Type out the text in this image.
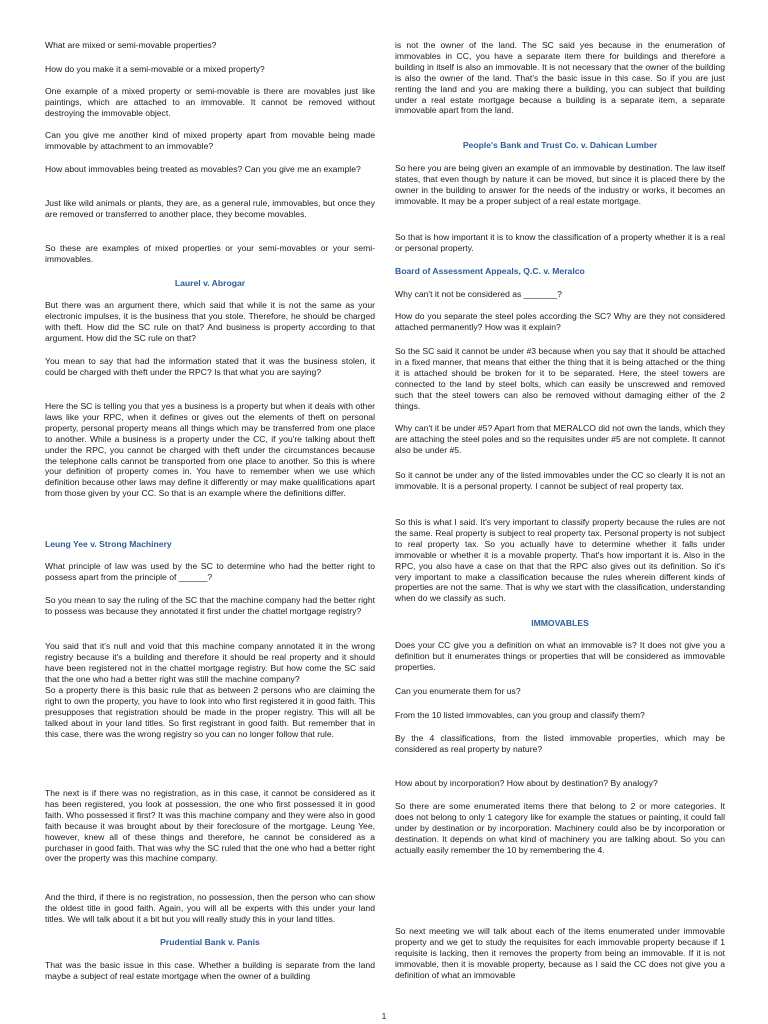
What are mixed or semi-movable properties?

How do you make it a semi-movable or a mixed property?

One example of a mixed property or semi-movable is there are movables just like paintings, which are attached to an immovable. It cannot be removed without destroying the immovable object.

Can you give me another kind of mixed property apart from movable being made immovable by attachment to an immovable?

How about immovables being treated as movables? Can you give me an example?

Just like wild animals or plants, they are, as a general rule, immovables, but once they are removed or transferred to another place, they become movables.

So these are examples of mixed properties or your semi-movables or your semi-immovables.

Laurel v. Abrogar

But there was an argument there, which said that while it is not the same as your electronic impulses, it is the business that you stole. Therefore, he should be charged with theft. How did the SC rule on that? And business is property according to that argument. How did the SC rule on that?

You mean to say that had the information stated that it was the business stolen, it could be charged with theft under the RPC? Is that what you are saying?

Here the SC is telling you that yes a business is a property but when it deals with other laws like your RPC, when it defines or gives out the elements of theft on personal property, personal property means all things which may be transferred from one place to another. While a business is a property under the CC, if you're talking about theft under the RPC, you cannot be charged with theft under the circumstances because the telephone calls cannot be transported from one place to another. So this is where your definition of property comes in. You have to remember when we use which definition because other laws may define it differently or may make qualifications apart from those given by your CC. So that is an example where the definitions differ.

Leung Yee v. Strong Machinery

What principle of law was used by the SC to determine who had the better right to possess apart from the principle of ______?

So you mean to say the ruling of the SC that the machine company had the better right to possess was because they annotated it first under the chattel mortgage registry?

You said that it's null and void that this machine company annotated it in the wrong registry because it's a building and therefore it should be real property and it should have been registered not in the chattel mortgage registry. But how come the SC said that the one who had a better right was still the machine company?

So a property there is this basic rule that as between 2 persons who are claiming the right to own the property, you have to look into who first registered it in good faith. This presupposes that registration should be made in the proper registry. This will all be talked about in your land titles. So first registrant in good faith. But remember that in this case, there was the wrong registry so you can no longer follow that rule.

The next is if there was no registration, as in this case, it cannot be considered as it has been registered, you look at possession, the one who first possessed it in good faith. Who possessed it first? It was this machine company and they were also in good faith because it was brought about by their foreclosure of the mortgage. Leung Yee, however, knew all of these things and therefore, he cannot be considered as a purchaser in good faith. That was why the SC ruled that the one who had a better right over the property was this machine company.

And the third, if there is no registration, no possession, then the person who can show the oldest title in good faith. Again, you will all be experts with this under your land titles. We will talk about it a bit but you will really study this in your land titles.

Prudential Bank v. Panis

That was the basic issue in this case. Whether a building is separate from the land maybe a subject of real estate mortgage when the owner of a building

is not the owner of the land. The SC said yes because in the enumeration of immovables in CC, you have a separate item there for buildings and therefore a building in itself is also an immovable. It is not necessary that the owner of the building is also the owner of the land. That's the basic issue in this case. So if you are just renting the land and you are making there a building, you can subject that building under a real estate mortgage because a building is a separate item, a separate immovable apart from the land.

People's Bank and Trust Co. v. Dahican Lumber

So here you are being given an example of an immovable by destination. The law itself states, that even though by nature it can be moved, but since it is placed there by the owner in the building to answer for the needs of the industry or works, it becomes an immovable. It may be a proper subject of a real estate mortgage.

So that is how important it is to know the classification of a property whether it is a real or personal property.

Board of Assessment Appeals, Q.C. v. Meralco

Why can't it not be considered as _______?

How do you separate the steel poles according the SC? Why are they not considered attached permanently? How was it explain?

So the SC said it cannot be under #3 because when you say that it should be attached in a fixed manner, that means that either the thing that it is being attached or the thing it is attached should be broken for it to be separated. Here, the steel towers are connected to the land by steel bolts, which can easily be unscrewed and removed such that the steel towers can also be removed without damaging either of the 2 things.

Why can't it be under #5? Apart from that MERALCO did not own the lands, which they are attaching the steel poles and so the requisites under #5 are not complete. It cannot also be under #5.

So it cannot be under any of the listed immovables under the CC so clearly it is not an immovable. It is a personal property. I cannot be subject of real property tax.

So this is what I said. It's very important to classify property because the rules are not the same. Real property is subject to real property tax. Personal property is not subject to real property tax. So you actually have to determine whether it falls under immovable or whether it is a movable property. That's how important it is. Also in the RPC, you also have a case on that that the RPC also gives out its definition. So it's very important to make a classification because the rules wherein different kinds of properties are not the same. That is why we start with the classification, understanding when do we classify as such.

IMMOVABLES

Does your CC give you a definition on what an immovable is? It does not give you a definition but it enumerates things or properties that will be considered as immovable properties.

Can you enumerate them for us?

From the 10 listed immovables, can you group and classify them?

By the 4 classifications, from the listed immovable properties, which may be considered as real property by nature?

How about by incorporation? How about by destination? By analogy?

So there are some enumerated items there that belong to 2 or more categories. It does not belong to only 1 category like for example the statues or painting, it could fall under by destination or by incorporation. Machinery could also be by incorporation or destination. It depends on what kind of machinery you are talking about. So you can actually easily remember the 10 by remembering the 4.

So next meeting we will talk about each of the items enumerated under immovable property and we get to study the requisites for each immovable property because if 1 requisite is lacking, then it removes the property from being an immovable. If it is not immovable, then it is movable property, because as I said the CC does not give you a definition of what an immovable

1
